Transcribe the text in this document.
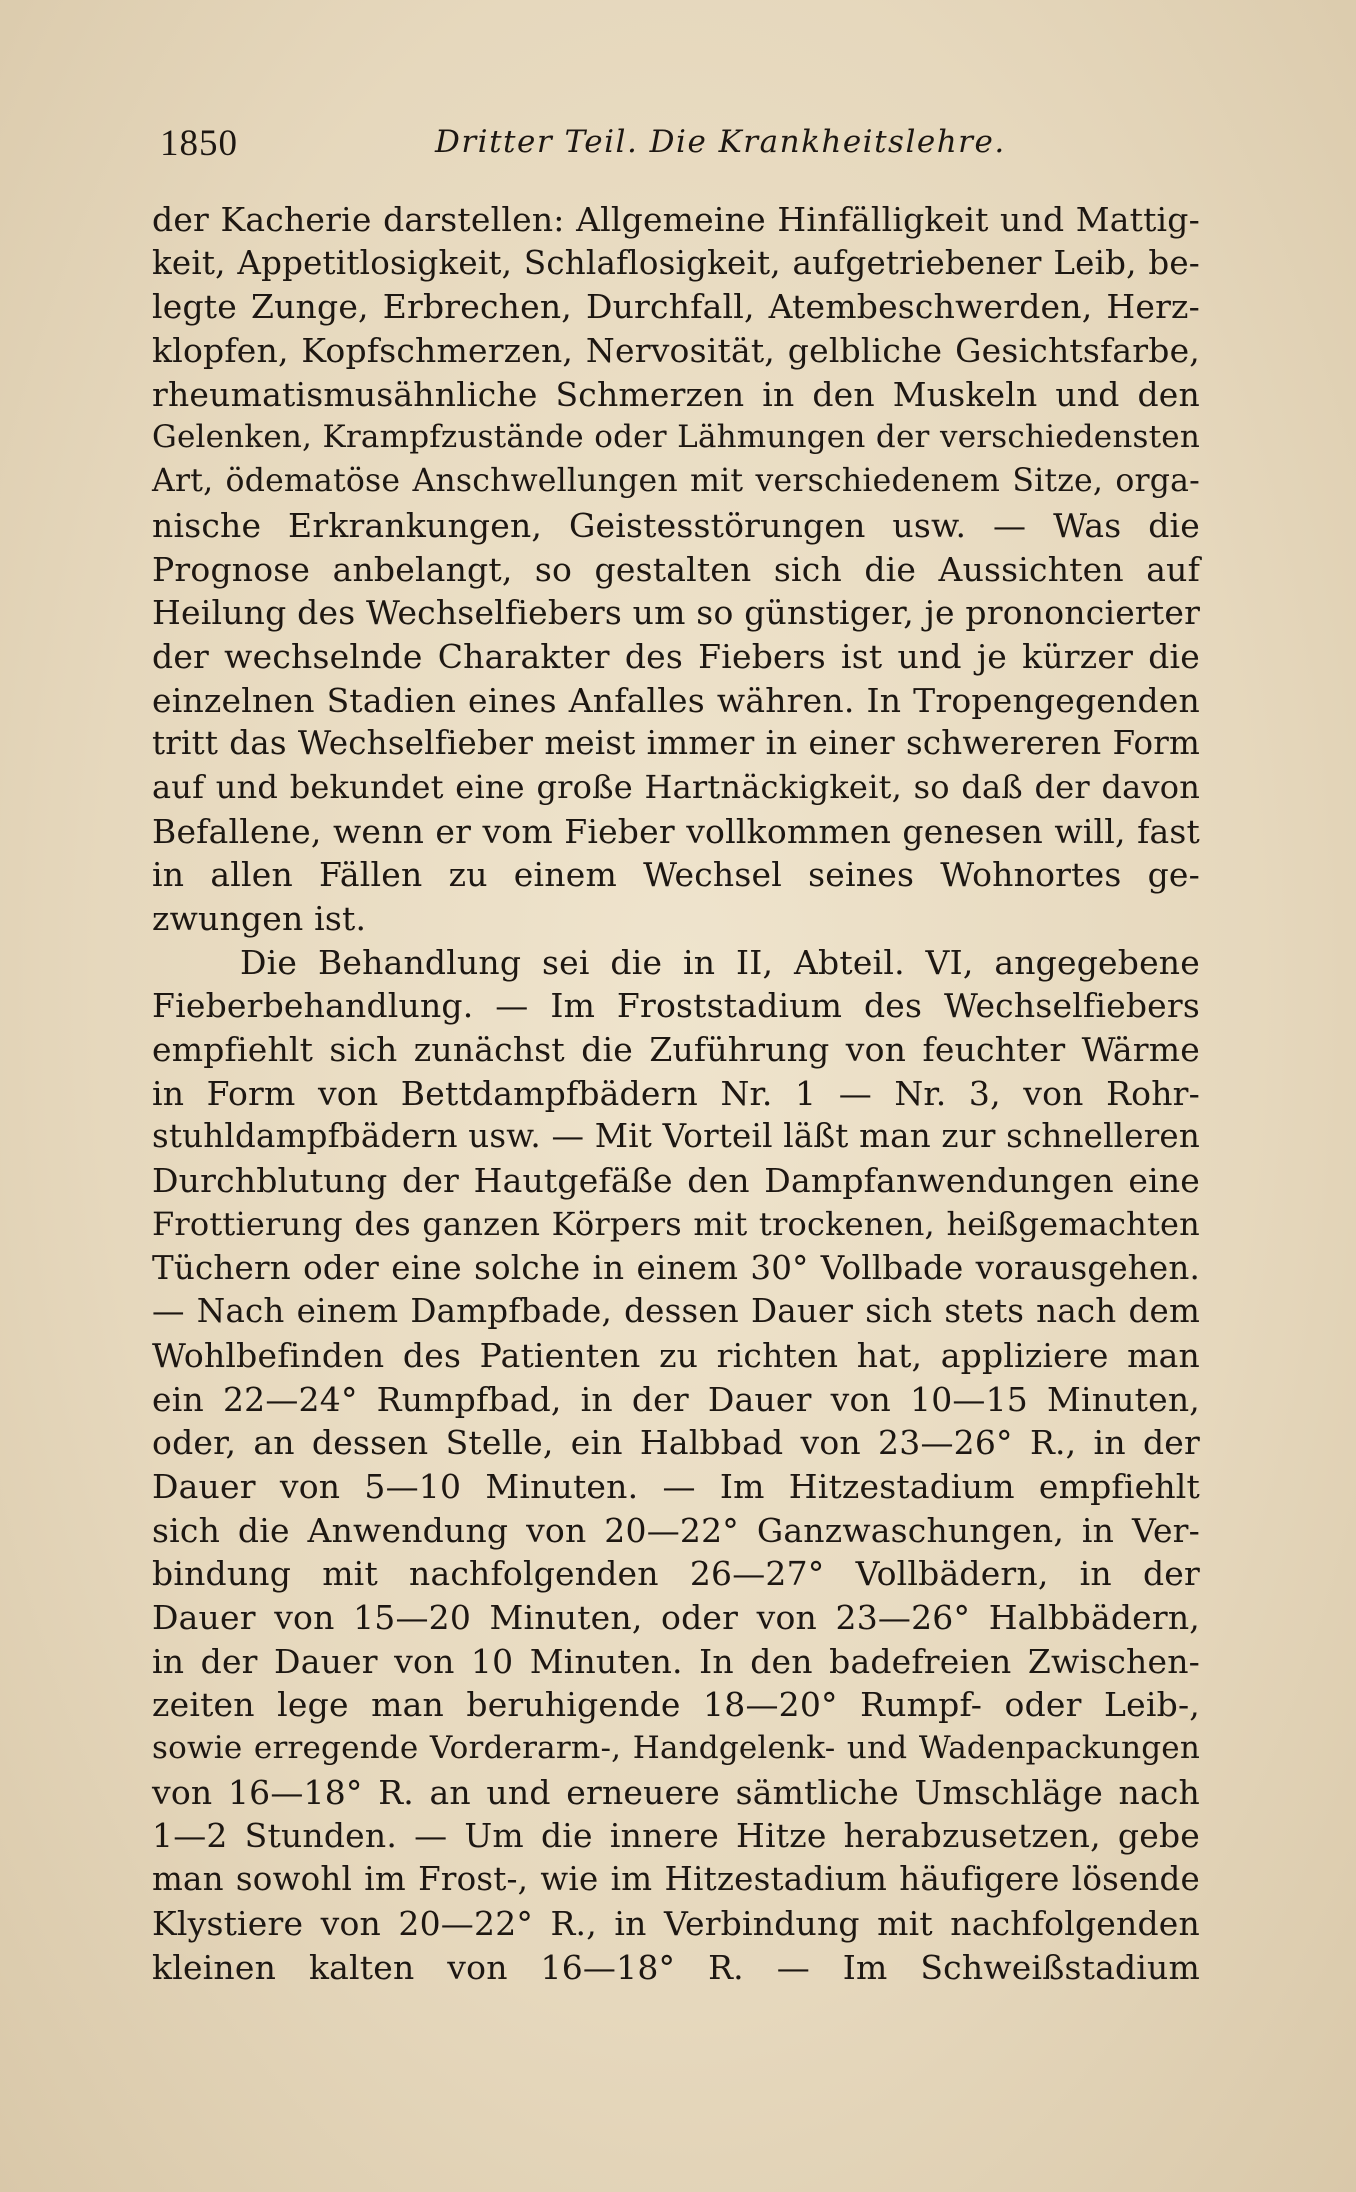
1850	Dritter Teil. Die Krankheitslehre.
der Kacherie darstellen: Allgemeine Hinfälligkeit und Mattig-
keit, Appetitlosigkeit, Schlaflosigkeit, aufgetriebener Leib, be-
legte Zunge, Erbrechen, Durchfall, Atembeschwerden, Herz-
klopfen, Kopfschmerzen, Nervosität, gelbliche Gesichtsfarbe,
rheumatismusähnliche Schmerzen in den Muskeln und den
Gelenken, Krampfzustände oder Lähmungen der verschiedensten
Art, ödematöse Anschwellungen mit verschiedenem Sitze, orga-
nische Erkrankungen, Geistesstörungen usw. — Was die
Prognose anbelangt, so gestalten sich die Aussichten auf
Heilung des Wechselfiebers um so günstiger, je prononcierter
der wechselnde Charakter des Fiebers ist und je kürzer die
einzelnen Stadien eines Anfalles währen. In Tropengegenden
tritt das Wechselfieber meist immer in einer schwereren Form
auf und bekundet eine große Hartnäckigkeit, so daß der davon
Befallene, wenn er vom Fieber vollkommen genesen will, fast
in allen Fällen zu einem Wechsel seines Wohnortes ge-
zwungen ist.
Die Behandlung sei die in II, Abteil. VI, angegebene
Fieberbehandlung. — Im Froststadium des Wechselfiebers
empfiehlt sich zunächst die Zuführung von feuchter Wärme
in Form von Bettdampfbädern Nr. 1 — Nr. 3, von Rohr-
stuhldampfbädern usw. — Mit Vorteil läßt man zur schnelleren
Durchblutung der Hautgefäße den Dampfanwendungen eine
Frottierung des ganzen Körpers mit trockenen, heißgemachten
Tüchern oder eine solche in einem 30° Vollbade vorausgehen.
— Nach einem Dampfbade, dessen Dauer sich stets nach dem
Wohlbefinden des Patienten zu richten hat, appliziere man
ein 22—24° Rumpfbad, in der Dauer von 10—15 Minuten,
oder, an dessen Stelle, ein Halbbad von 23—26° R., in der
Dauer von 5—10 Minuten. — Im Hitzestadium empfiehlt
sich die Anwendung von 20—22° Ganzwaschungen, in Ver-
bindung mit nachfolgenden 26—27° Vollbädern, in der
Dauer von 15—20 Minuten, oder von 23—26° Halbbädern,
in der Dauer von 10 Minuten. In den badefreien Zwischen-
zeiten lege man beruhigende 18—20° Rumpf- oder Leib-,
sowie erregende Vorderarm-, Handgelenk- und Wadenpackungen
von 16—18° R. an und erneuere sämtliche Umschläge nach
1—2 Stunden. — Um die innere Hitze herabzusetzen, gebe
man sowohl im Frost-, wie im Hitzestadium häufigere lösende
Klystiere von 20—22° R., in Verbindung mit nachfolgenden
kleinen kalten von 16—18° R. — Im Schweißstadium
